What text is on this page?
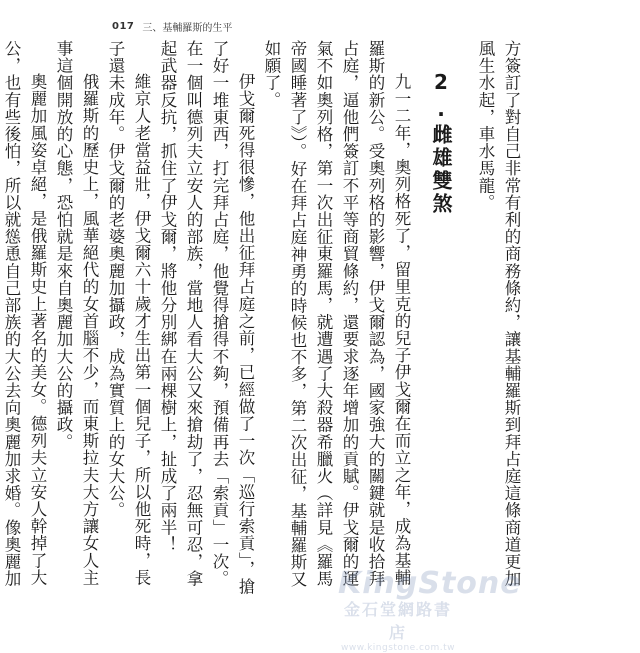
017 三、基輔羅斯的生平

方簽訂了對自己非常有利的商務條約，讓基輔羅斯到拜占庭這條商道更加風生水起，車水馬龍。

2.雌雄雙煞

九一二年，奧列格死了，留里克的兒子伊戈爾在而立之年，成為基輔羅斯的新公。受奧列格的影響，伊戈爾認為，國家強大的關鍵就是收拾拜占庭，逼他們簽訂不平等商貿條約，還要求逐年增加的貢賦。伊戈爾的運氣不如奧列格，第一次出征東羅馬，就遭遇了大殺器希臘火（詳見《羅馬帝國睡著了》）。好在拜占庭神勇的時候也不多，第二次出征，基輔羅斯又如願了。

伊戈爾死得很慘，他出征拜占庭之前，已經做了一次「巡行索貢」，搶了好一堆東西，打完拜占庭，他覺得搶得不夠，預備再去「索貢」一次。在一個叫德列夫立安人的部族，當地人看大公又來搶劫了，忍無可忍，拿起武器反抗，抓住了伊戈爾，將他分別綁在兩棵樹上，扯成了兩半！

維京人老當益壯，伊戈爾六十歲才生出第一個兒子，所以他死時，長子還未成年。伊戈爾的老婆奧麗加攝政，成為實質上的女大公。

俄羅斯的歷史上，風華絕代的女首腦不少，而東斯拉夫大方讓女人主事這個開放的心態，恐怕就是來自奧麗加大公的攝政。

奧麗加風姿卓絕，是俄羅斯史上著名的美女。德列夫立安人幹掉了大公，也有些後怕，所以就慫恿自己部族的大公去向奧麗加求婚。像奧麗加	KingStone
金石堂網路書店
www.kingstone.com.tw
